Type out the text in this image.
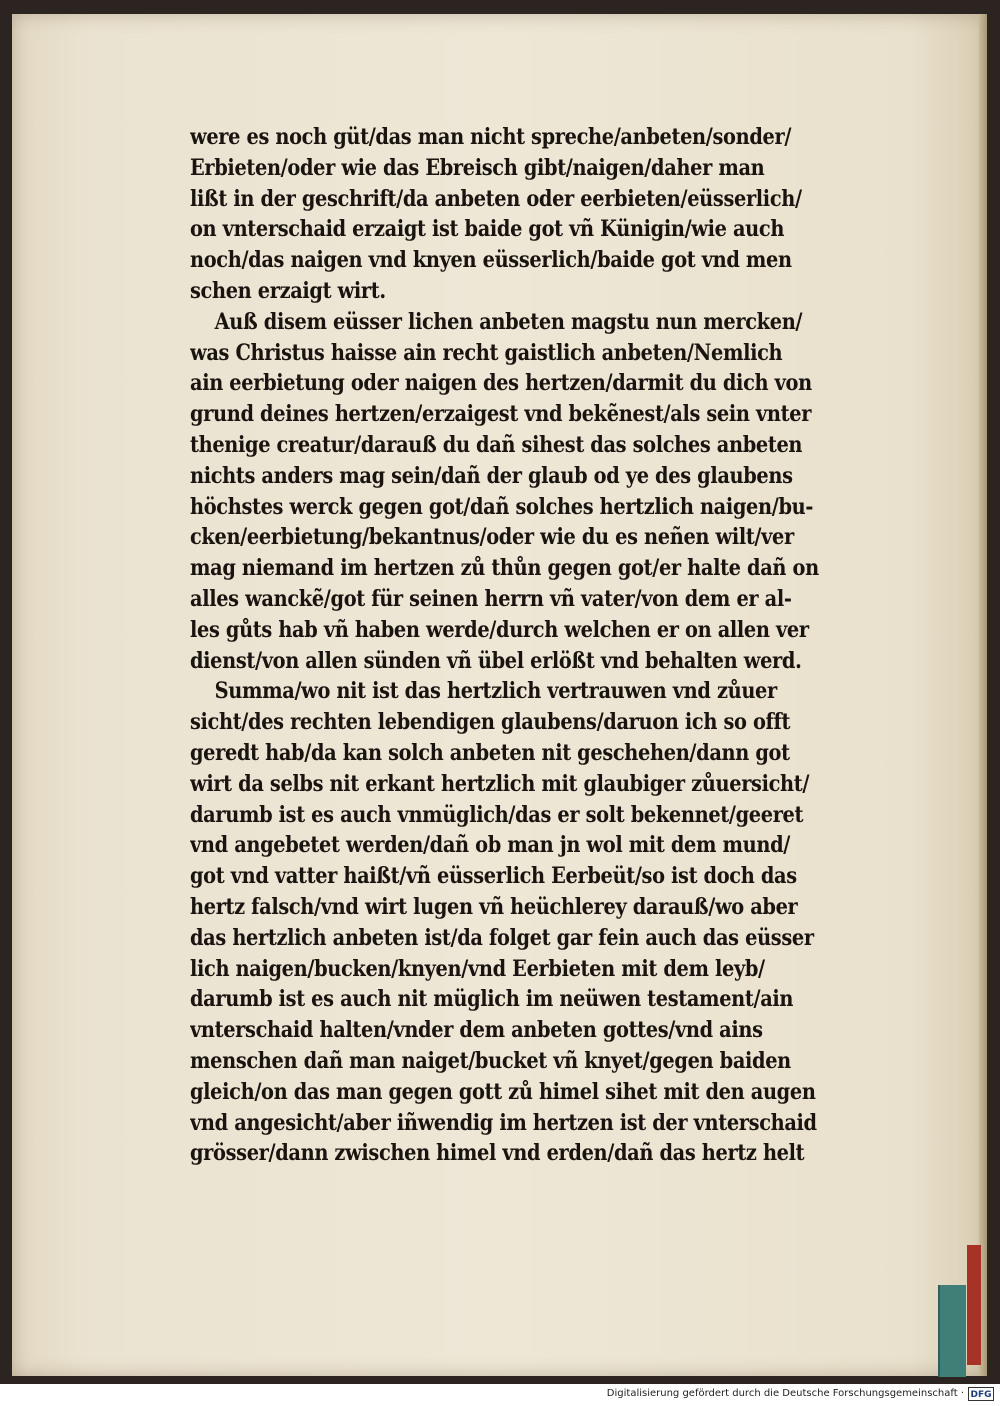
were es noch güt/das man nicht spreche/anbeten/sonder/
Erbieten/oder wie das Ebreisch gibt/naigen/daher man
lißt in der geschrift/da anbeten oder eerbieten/eüsserlich/
on vnterschaid erzaigt ist baide got vñ Künigin/wie auch
noch/das naigen vnd knyen eüsserlich/baide got vnd men
schen erzaigt wirt.
Auß disem eüsser lichen anbeten magstu nun mercken/
was Christus haisse ain recht gaistlich anbeten/Nemlich
ain eerbietung oder naigen des hertzen/darmit du dich von
grund deines hertzen/erzaigest vnd bekẽnest/als sein vnter
thenige creatur/darauß du dañ sihest das solches anbeten
nichts anders mag sein/dañ der glaub od ye des glaubens
höchstes werck gegen got/dañ solches hertzlich naigen/bu-
cken/eerbietung/bekantnus/oder wie du es neñen wilt/ver
mag niemand im hertzen zů thůn gegen got/er halte dañ on
alles wanckẽ/got für seinen herrn vñ vater/von dem er al-
les gůts hab vñ haben werde/durch welchen er on allen ver
dienst/von allen sünden vñ übel erlößt vnd behalten werd.
Summa/wo nit ist das hertzlich vertrauwen vnd zůuer
sicht/des rechten lebendigen glaubens/daruon ich so offt
geredt hab/da kan solch anbeten nit geschehen/dann got
wirt da selbs nit erkant hertzlich mit glaubiger zůuersicht/
darumb ist es auch vnmüglich/das er solt bekennet/geeret
vnd angebetet werden/dañ ob man jn wol mit dem mund/
got vnd vatter haißt/vñ eüsserlich Eerbeüt/so ist doch das
hertz falsch/vnd wirt lugen vñ heüchlerey darauß/wo aber
das hertzlich anbeten ist/da folget gar fein auch das eüsser
lich naigen/bucken/knyen/vnd Eerbieten mit dem leyb/
darumb ist es auch nit müglich im neüwen testament/ain
vnterschaid halten/vnder dem anbeten gottes/vnd ains
menschen dañ man naiget/bucket vñ knyet/gegen baiden
gleich/on das man gegen gott zů himel sihet mit den augen
vnd angesicht/aber iñwendig im hertzen ist der vnterschaid
grösser/dann zwischen himel vnd erden/dañ das hertz helt
Digitalisierung gefördert durch die Deutsche Forschungsgemeinschaft · DFG
